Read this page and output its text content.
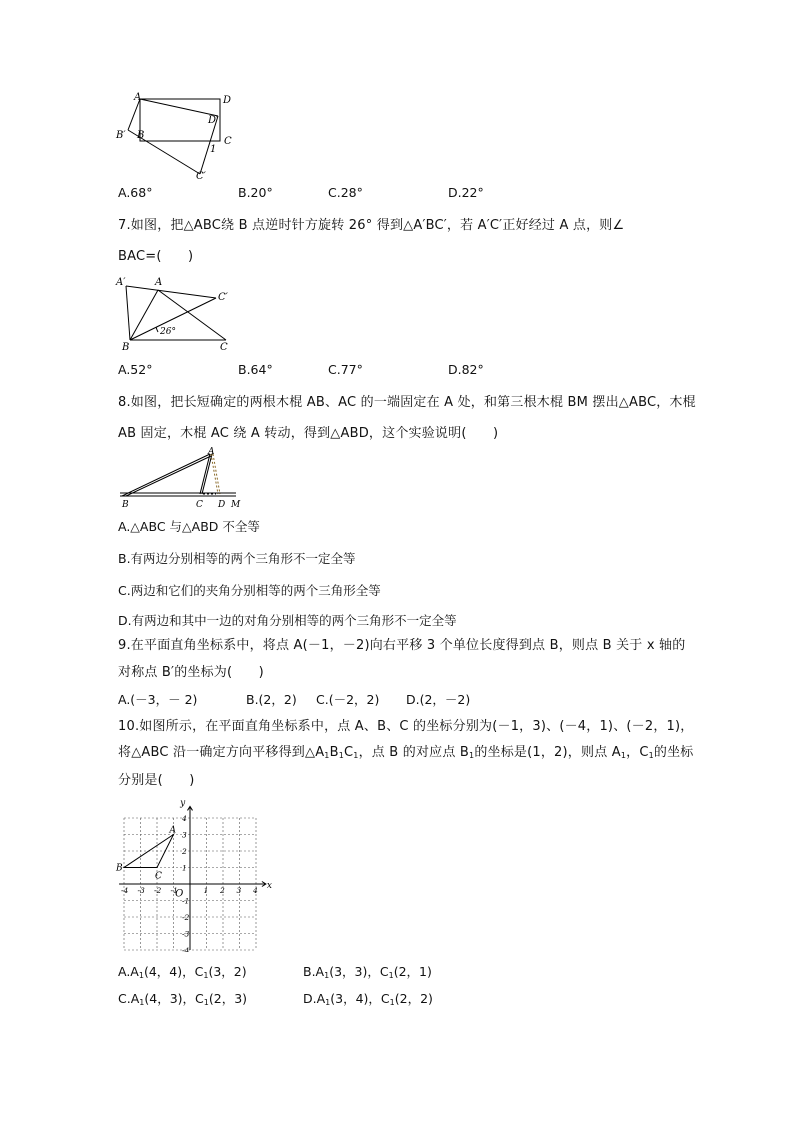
A	D
D′
B′ B
C
C′
1
A.68°	B.20°	C.28°	D.22°
7.如图，把△ABC绕 B 点逆时针方旋转 26° 得到△A′BC′，若 A′C′正好经过 A 点，则∠
BAC=(　　)
A′	A
C′
B	C
26°
A.52°	B.64°	C.77°	D.82°
8.如图，把长短确定的两根木棍 AB、AC 的一端固定在 A 处，和第三根木棍 BM 摆出△ABC，木棍
AB 固定，木棍 AC 绕 A 转动，得到△ABD，这个实验说明(　　)
A
B	C D M
A.△ABC 与△ABD 不全等
B.有两边分别相等的两个三角形不一定全等
C.两边和它们的夹角分别相等的两个三角形全等
D.有两边和其中一边的对角分别相等的两个三角形不一定全等
9.在平面直角坐标系中，将点 A(－1，－2)向右平移 3 个单位长度得到点 B，则点 B 关于 x 轴的
对称点 B′的坐标为(　　)
A.(－3，－ 2)	B.(2，2) C.(－2，2) D.(2，－2)
10.如图所示，在平面直角坐标系中，点 A、B、C 的坐标分别为(－1，3)、(－4，1)、(－2，1)，
将△ABC 沿一确定方向平移得到△A1B1C1，点 B 的对应点 B1的坐标是(1，2)，则点 A1，C1的坐标
分别是(　　)
-4 -3 -2 -1	1 2 3 4
4
3
2
1
-1
-2
-3
-4
O
y
x
A
B
C
$A.A_1(4$，4)，$C_1(3$，2)	$B.A_1(3$，3)，$C_1(2$，1)
$C.A_1(4$，3)，$C_1(2$，3)	$D.A_1(3$，4)，$C_1(2$，2)
